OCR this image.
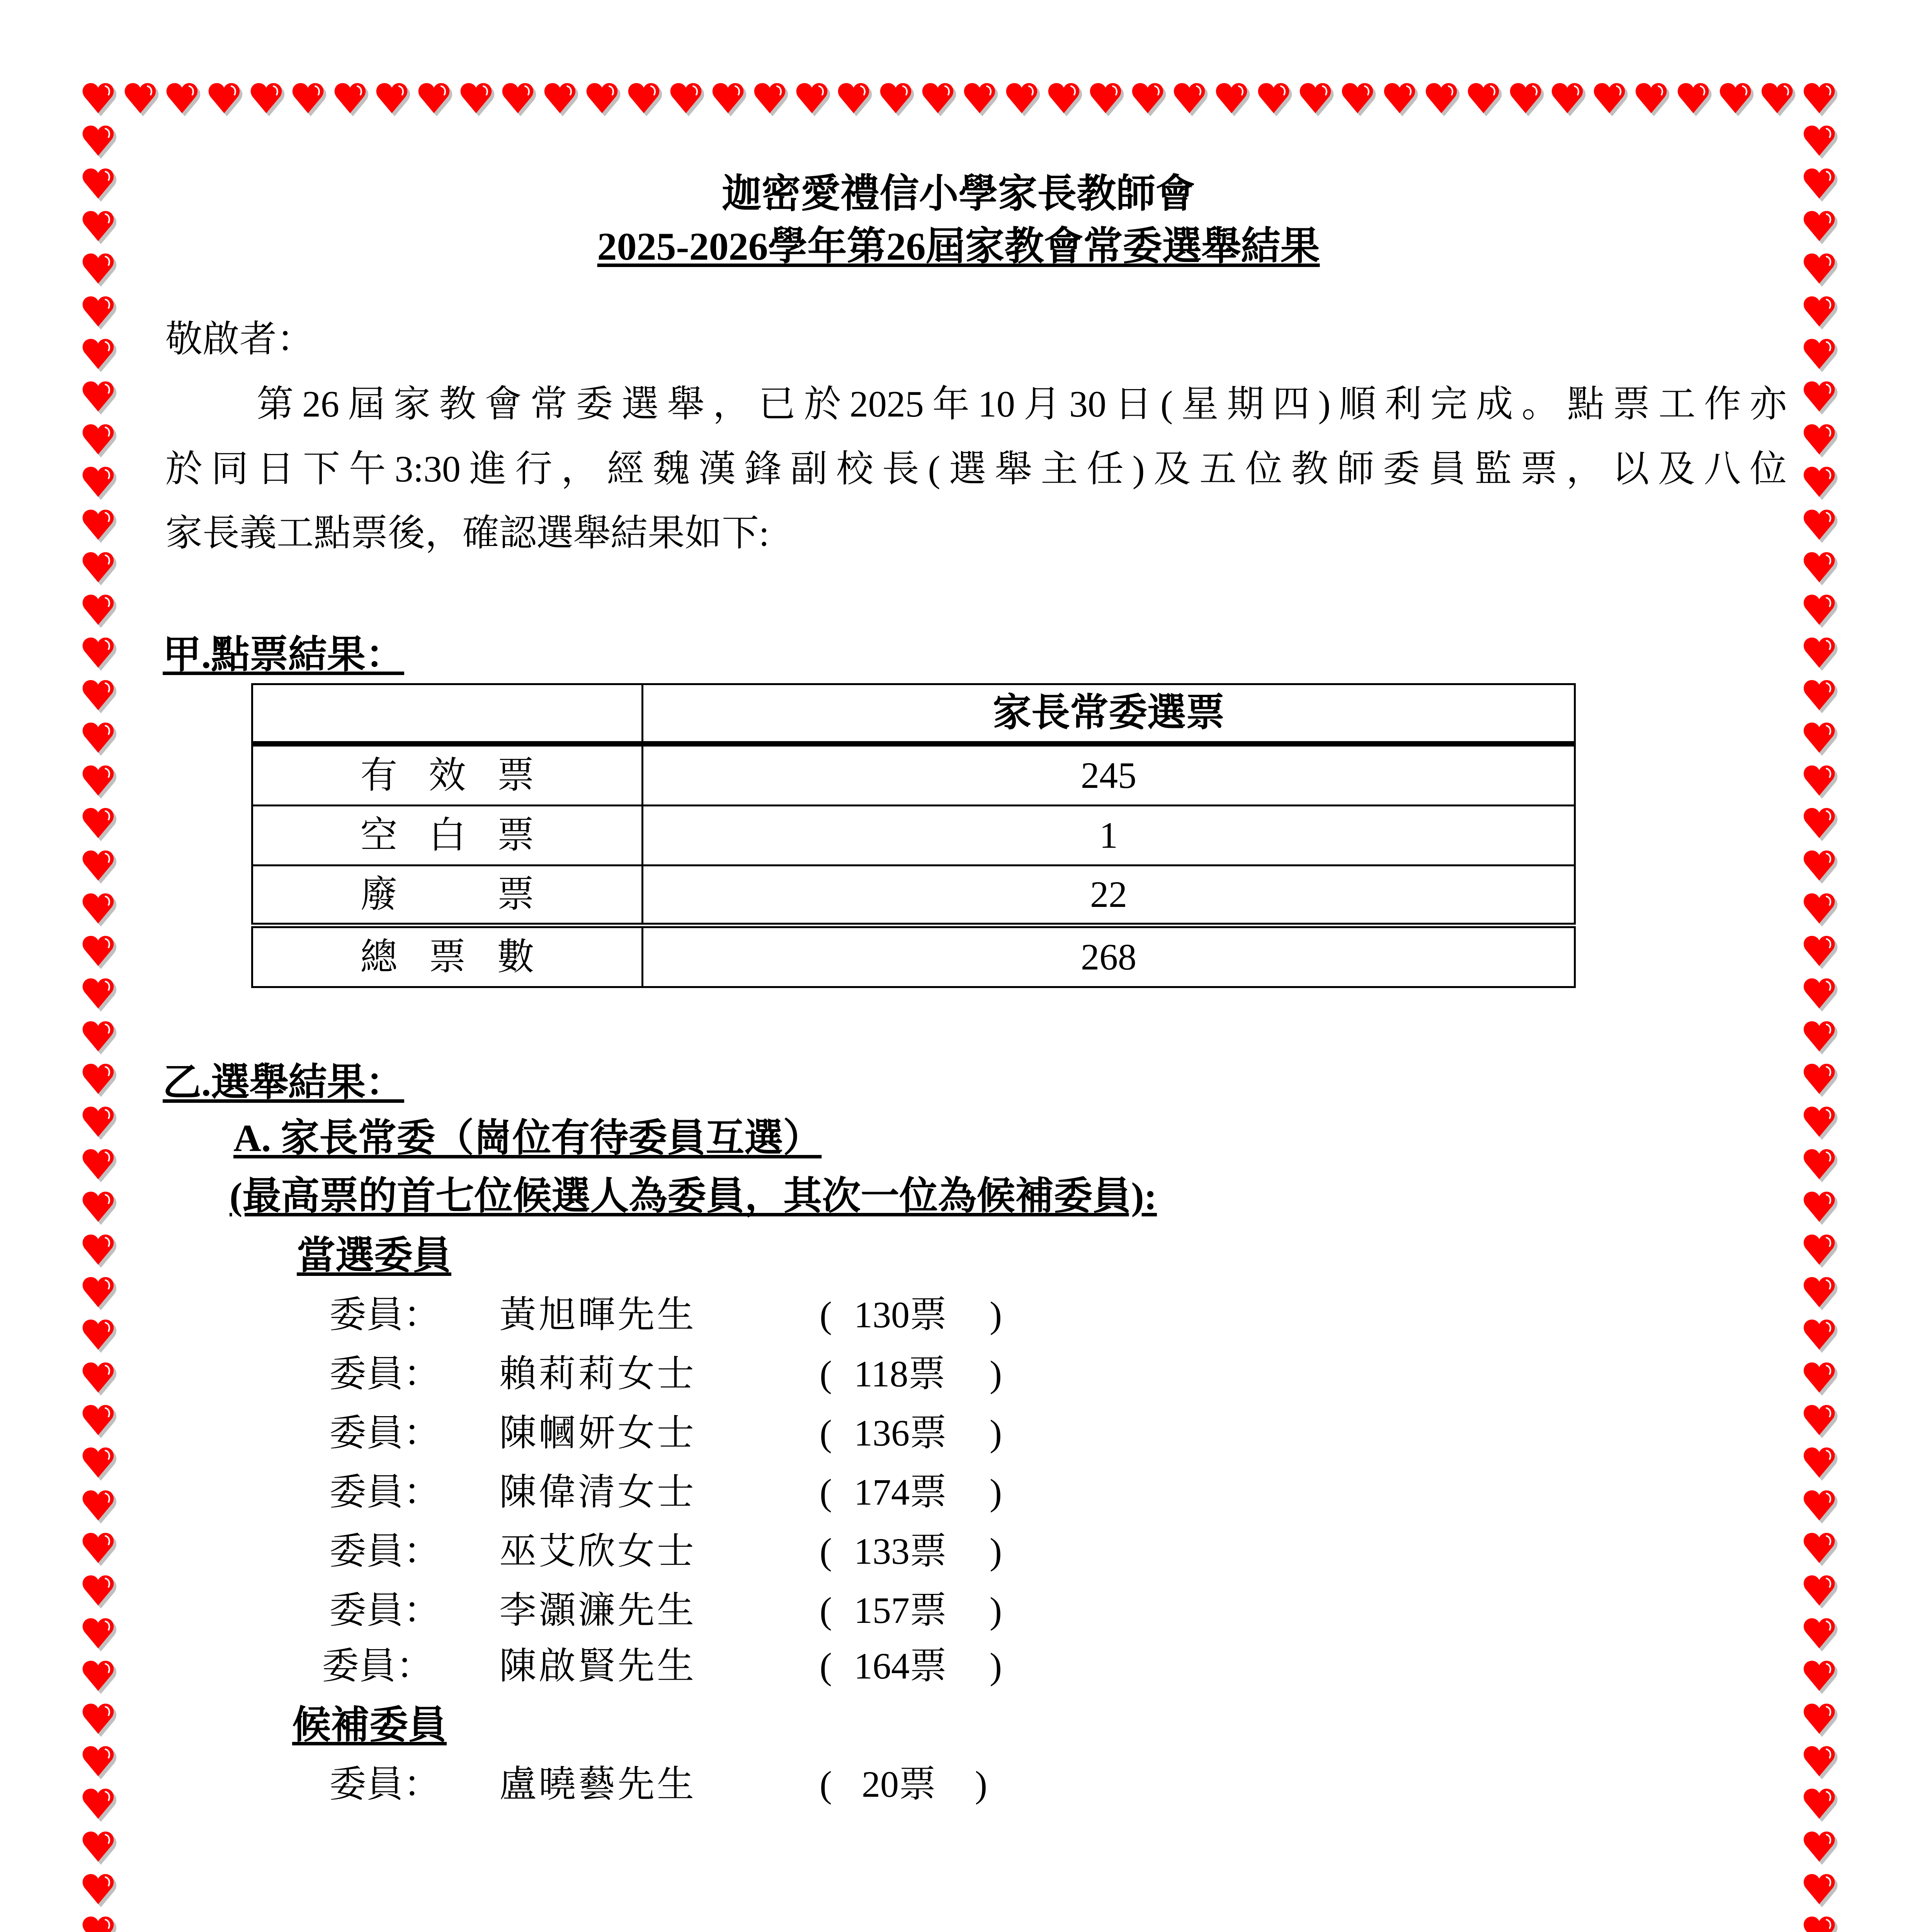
迦密愛禮信小學家長教師會
2025-2026學年第26屆家教會常委選舉結果
敬啟者：
第26屆家教會常委選舉，已於2025年10月30日(星期四)順利完成。點票工作亦
於同日下午3:30進行，經魏漢鋒副校長(選舉主任)及五位教師委員監票，以及八位
家長義工點票後，確認選舉結果如下:
甲.點票結果：
	家長常委選票
有 效 票	245
空 白 票	1
廢 　 票	22
總 票 數	268
乙.選舉結果：
A. 家長常委（崗位有待委員互選）
(最高票的首七位候選人為委員，其次一位為候補委員):
當選委員
委員： 黃旭暉先生	( 130票 )
委員： 賴莉莉女士	( 118票 )
委員： 陳幗妍女士	( 136票 )
委員： 陳偉清女士	( 174票 )
委員： 巫艾欣女士	( 133票 )
委員： 李灝濂先生	( 157票 )
委員： 陳啟賢先生	( 164票 )
候補委員
委員： 盧曉藝先生	( 20票 )
